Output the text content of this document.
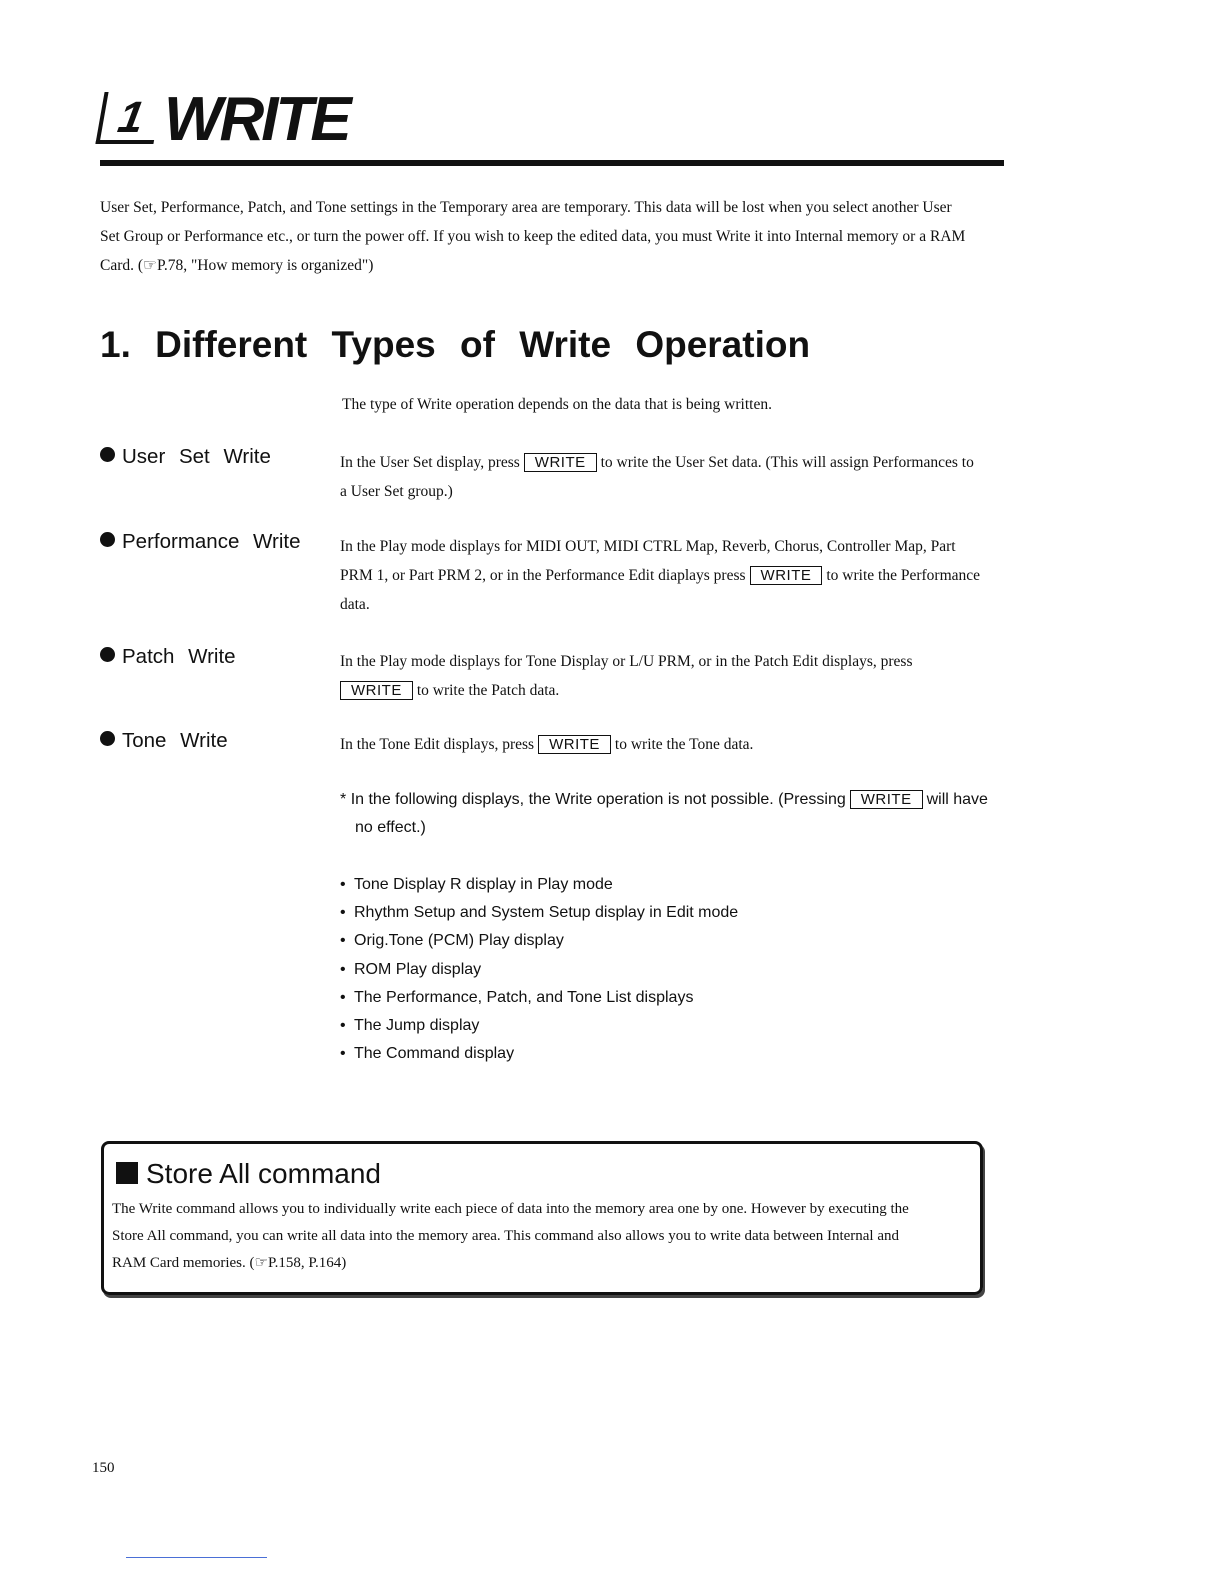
1 WRITE
User Set, Performance, Patch, and Tone settings in the Temporary area are temporary. This data will be lost when you select another User
Set Group or Performance etc., or turn the power off. If you wish to keep the edited data, you must Write it into Internal memory or a RAM
Card. (☞P.78, "How memory is organized")
1. Different Types of Write Operation
The type of Write operation depends on the data that is being written.
User Set Write	In the User Set display, press WRITE to write the User Set data. (This will assign Performances to
a User Set group.)
Performance Write	In the Play mode displays for MIDI OUT, MIDI CTRL Map, Reverb, Chorus, Controller Map, Part
PRM 1, or Part PRM 2, or in the Performance Edit diaplays press WRITE to write the Performance
data.
Patch Write	In the Play mode displays for Tone Display or L/U PRM, or in the Patch Edit displays, press
WRITE to write the Patch data.
Tone Write	In the Tone Edit displays, press WRITE to write the Tone data.
* In the following displays, the Write operation is not possible. (Pressing WRITE will have
no effect.)
• Tone Display R display in Play mode
• Rhythm Setup and System Setup display in Edit mode
• Orig.Tone (PCM) Play display
• ROM Play display
• The Performance, Patch, and Tone List displays
• The Jump display
• The Command display
Store All command
The Write command allows you to individually write each piece of data into the memory area one by one. However by executing the
Store All command, you can write all data into the memory area. This command also allows you to write data between Internal and
RAM Card memories. (☞P.158, P.164)
150
